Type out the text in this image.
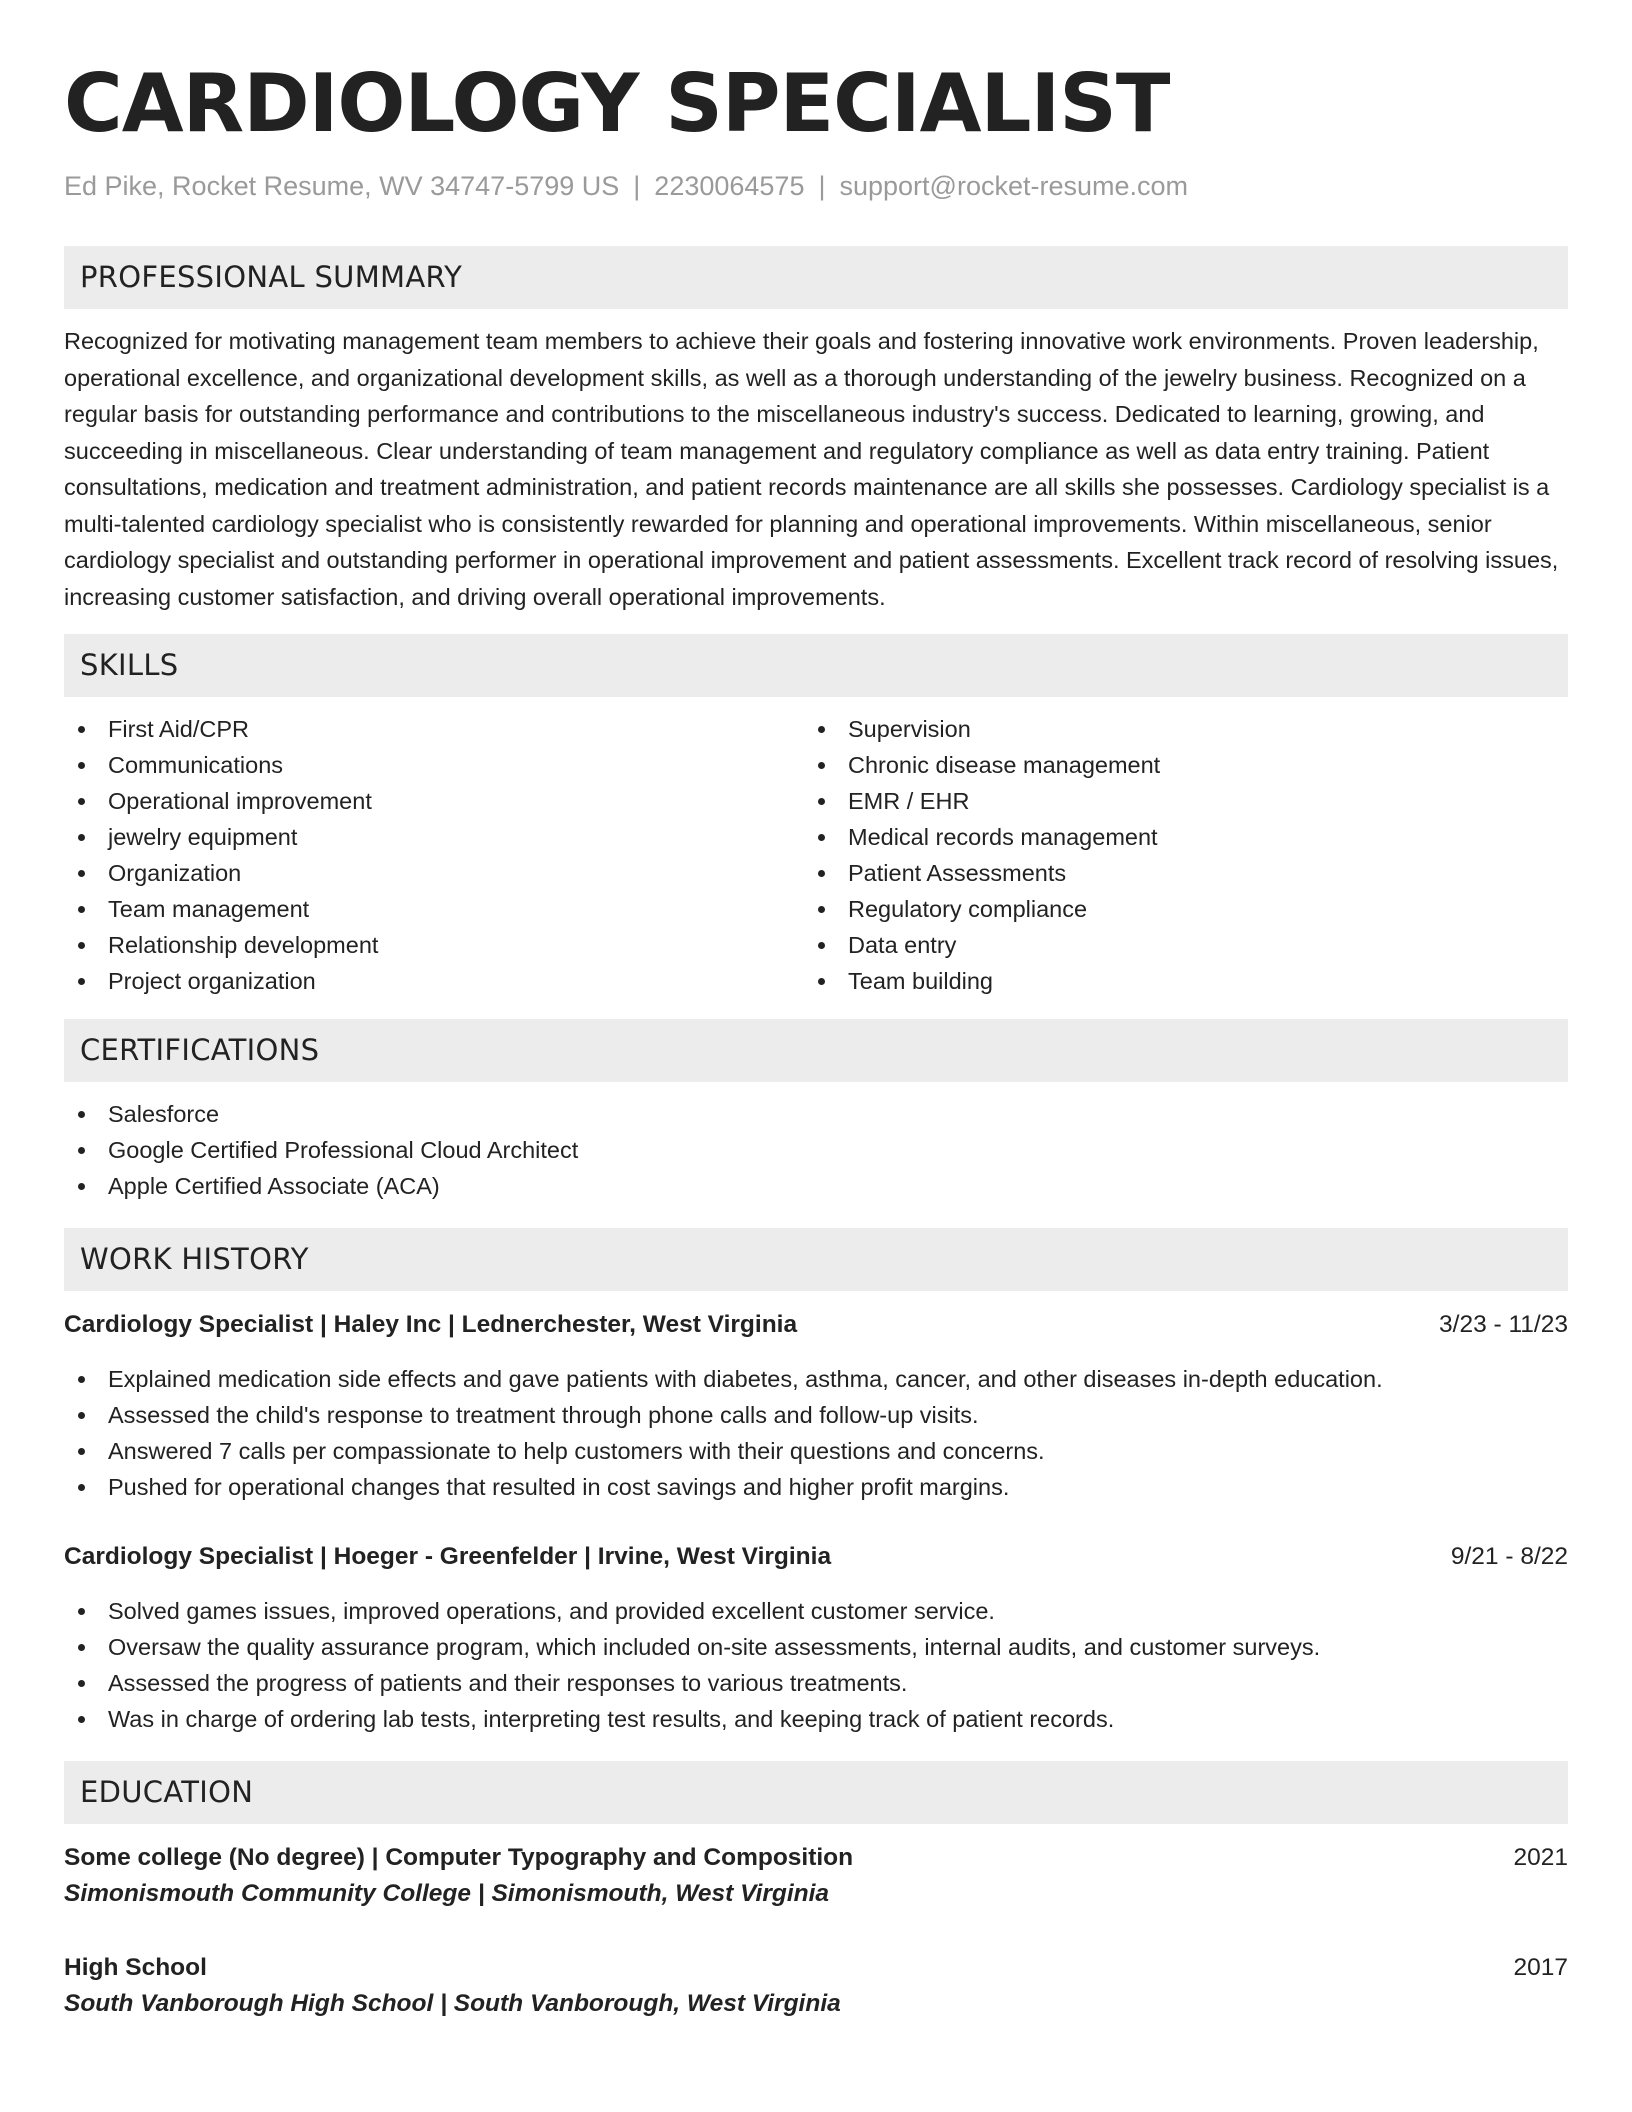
CARDIOLOGY SPECIALIST
Ed Pike, Rocket Resume, WV 34747-5799 US | 2230064575 | support@rocket-resume.com
PROFESSIONAL SUMMARY

Recognized for motivating management team members to achieve their goals and fostering innovative work environments. Proven leadership, operational excellence, and organizational development skills, as well as a thorough understanding of the jewelry business. Recognized on a regular basis for outstanding performance and contributions to the miscellaneous industry's success. Dedicated to learning, growing, and succeeding in miscellaneous. Clear understanding of team management and regulatory compliance as well as data entry training. Patient consultations, medication and treatment administration, and patient records maintenance are all skills she possesses. Cardiology specialist is a multi-talented cardiology specialist who is consistently rewarded for planning and operational improvements. Within miscellaneous, senior cardiology specialist and outstanding performer in operational improvement and patient assessments. Excellent track record of resolving issues, increasing customer satisfaction, and driving overall operational improvements.

SKILLS
First Aid/CPR
Communications
Operational improvement
jewelry equipment
Organization
Team management
Relationship development
Project organization
Supervision
Chronic disease management
EMR / EHR
Medical records management
Patient Assessments
Regulatory compliance
Data entry
Team building
CERTIFICATIONS
Salesforce
Google Certified Professional Cloud Architect
Apple Certified Associate (ACA)
WORK HISTORY
Cardiology Specialist | Haley Inc | Lednerchester, West Virginia	3/23 - 11/23
Explained medication side effects and gave patients with diabetes, asthma, cancer, and other diseases in-depth education.
Assessed the child's response to treatment through phone calls and follow-up visits.
Answered 7 calls per compassionate to help customers with their questions and concerns.
Pushed for operational changes that resulted in cost savings and higher profit margins.
Cardiology Specialist | Hoeger - Greenfelder | Irvine, West Virginia	9/21 - 8/22
Solved games issues, improved operations, and provided excellent customer service.
Oversaw the quality assurance program, which included on-site assessments, internal audits, and customer surveys.
Assessed the progress of patients and their responses to various treatments.
Was in charge of ordering lab tests, interpreting test results, and keeping track of patient records.
EDUCATION
Some college (No degree) | Computer Typography and Composition	2021
Simonismouth Community College | Simonismouth, West Virginia
High School	2017
South Vanborough High School | South Vanborough, West Virginia
